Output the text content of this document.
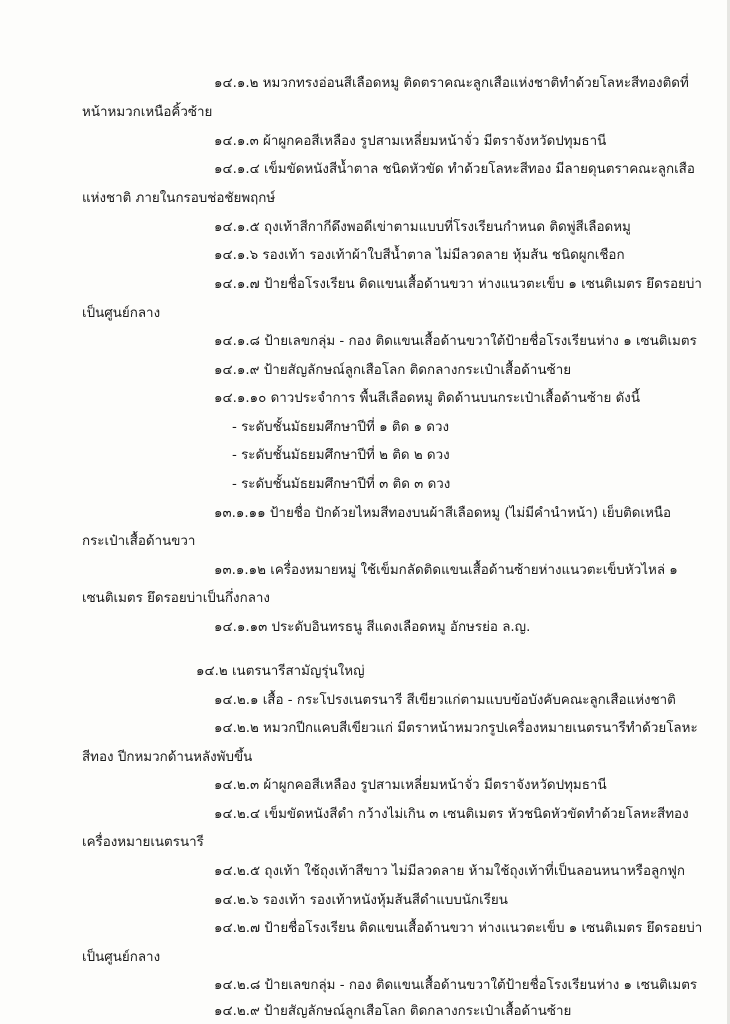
๑๔.๑.๒ หมวกทรงอ่อนสีเลือดหมู ติดตราคณะลูกเสือแห่งชาติทำด้วยโลหะสีทองติดที่
หน้าหมวกเหนือคิ้วซ้าย
๑๔.๑.๓ ผ้าผูกคอสีเหลือง รูปสามเหลี่ยมหน้าจั่ว มีตราจังหวัดปทุมธานี
๑๔.๑.๔ เข็มขัดหนังสีน้ำตาล ชนิดหัวขัด ทำด้วยโลหะสีทอง มีลายดุนตราคณะลูกเสือ
แห่งชาติ ภายในกรอบช่อชัยพฤกษ์
๑๔.๑.๕ ถุงเท้าสีกากีดึงพอดีเข่าตามแบบที่โรงเรียนกำหนด ติดพู่สีเลือดหมู
๑๔.๑.๖ รองเท้า รองเท้าผ้าใบสีน้ำตาล ไม่มีลวดลาย หุ้มส้น ชนิดผูกเชือก
๑๔.๑.๗ ป้ายชื่อโรงเรียน ติดแขนเสื้อด้านขวา ห่างแนวตะเข็บ ๑ เซนติเมตร ยึดรอยบ่า
เป็นศูนย์กลาง
๑๔.๑.๘ ป้ายเลขกลุ่ม - กอง ติดแขนเสื้อด้านขวาใต้ป้ายชื่อโรงเรียนห่าง ๑ เซนติเมตร
๑๔.๑.๙ ป้ายสัญลักษณ์ลูกเสือโลก ติดกลางกระเป๋าเสื้อด้านซ้าย
๑๔.๑.๑๐ ดาวประจำการ พื้นสีเลือดหมู ติดด้านบนกระเป๋าเสื้อด้านซ้าย ดังนี้
- ระดับชั้นมัธยมศึกษาปีที่ ๑ ติด ๑ ดวง
- ระดับชั้นมัธยมศึกษาปีที่ ๒ ติด ๒ ดวง
- ระดับชั้นมัธยมศึกษาปีที่ ๓ ติด ๓ ดวง
๑๓.๑.๑๑ ป้ายชื่อ ปักด้วยไหมสีทองบนผ้าสีเลือดหมู (ไม่มีคำนำหน้า) เย็บติดเหนือ
กระเป๋าเสื้อด้านขวา
๑๓.๑.๑๒ เครื่องหมายหมู่ ใช้เข็มกลัดติดแขนเสื้อด้านซ้ายห่างแนวตะเข็บหัวไหล่ ๑
เซนติเมตร ยึดรอยบ่าเป็นกึ่งกลาง
๑๔.๑.๑๓ ประดับอินทรธนู สีแดงเลือดหมู อักษรย่อ ล.ญ.
๑๔.๒ เนตรนารีสามัญรุ่นใหญ่
๑๔.๒.๑ เสื้อ - กระโปรงเนตรนารี สีเขียวแก่ตามแบบข้อบังคับคณะลูกเสือแห่งชาติ
๑๔.๒.๒ หมวกปีกแคบสีเขียวแก่ มีตราหน้าหมวกรูปเครื่องหมายเนตรนารีทำด้วยโลหะ
สีทอง ปีกหมวกด้านหลังพับขึ้น
๑๔.๒.๓ ผ้าผูกคอสีเหลือง รูปสามเหลี่ยมหน้าจั่ว มีตราจังหวัดปทุมธานี
๑๔.๒.๔ เข็มขัดหนังสีดำ กว้างไม่เกิน ๓ เซนติเมตร หัวชนิดหัวขัดทำด้วยโลหะสีทอง
เครื่องหมายเนตรนารี
๑๔.๒.๕ ถุงเท้า ใช้ถุงเท้าสีขาว ไม่มีลวดลาย ห้ามใช้ถุงเท้าที่เป็นลอนหนาหรือลูกฟูก
๑๔.๒.๖ รองเท้า รองเท้าหนังหุ้มส้นสีดำแบบนักเรียน
๑๔.๒.๗ ป้ายชื่อโรงเรียน ติดแขนเสื้อด้านขวา ห่างแนวตะเข็บ ๑ เซนติเมตร ยึดรอยบ่า
เป็นศูนย์กลาง
๑๔.๒.๘ ป้ายเลขกลุ่ม - กอง ติดแขนเสื้อด้านขวาใต้ป้ายชื่อโรงเรียนห่าง ๑ เซนติเมตร
๑๔.๒.๙ ป้ายสัญลักษณ์ลูกเสือโลก ติดกลางกระเป๋าเสื้อด้านซ้าย
